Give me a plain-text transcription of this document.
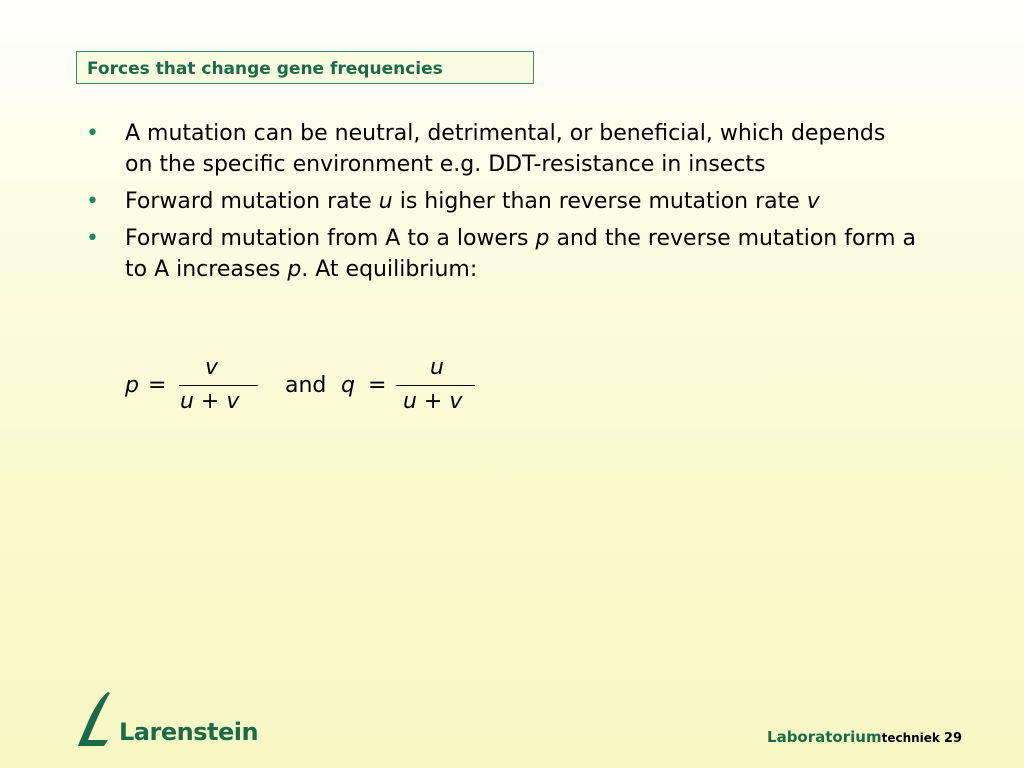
Forces that change gene frequencies
• A mutation can be neutral, detrimental, or beneficial, which depends on the specific environment e.g. DDT-resistance in insects
• Forward mutation rate u is higher than reverse mutation rate v
• Forward mutation from A to a lowers p and the reverse mutation form a to A increases p. At equilibrium:
p =
v
u + v
and q =
u
u + v
Larenstein	Laboratoriumtechniek 29
